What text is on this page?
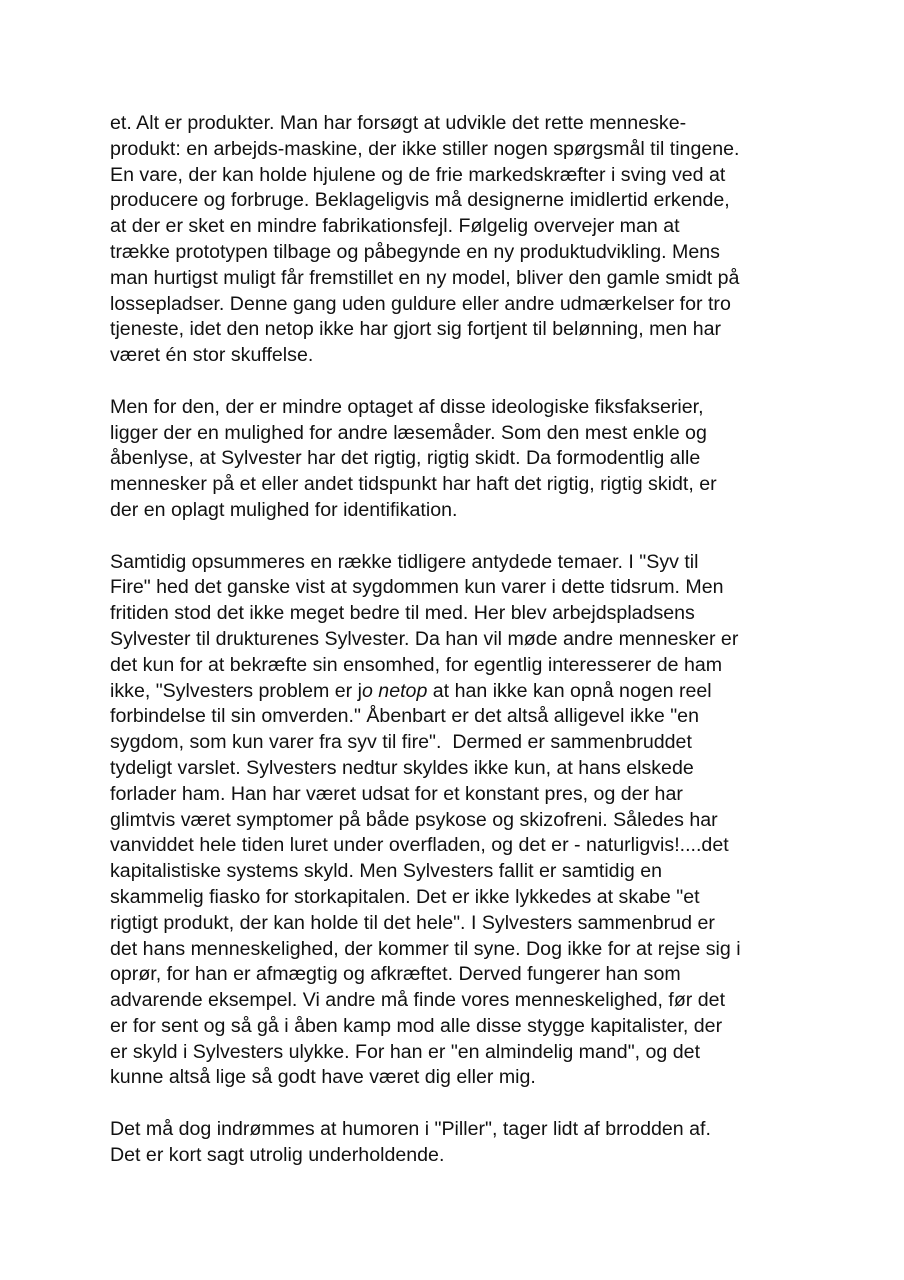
et. Alt er produkter. Man har forsøgt at udvikle det rette menneske-
produkt: en arbejds-maskine, der ikke stiller nogen spørgsmål til tingene.
En vare, der kan holde hjulene og de frie markedskræfter i sving ved at
producere og forbruge. Beklageligvis må designerne imidlertid erkende,
at der er sket en mindre fabrikationsfejl. Følgelig overvejer man at
trække prototypen tilbage og påbegynde en ny produktudvikling. Mens
man hurtigst muligt får fremstillet en ny model, bliver den gamle smidt på
lossepladser. Denne gang uden guldure eller andre udmærkelser for tro
tjeneste, idet den netop ikke har gjort sig fortjent til belønning, men har
været én stor skuffelse.

Men for den, der er mindre optaget af disse ideologiske fiksfakserier,
ligger der en mulighed for andre læsemåder. Som den mest enkle og
åbenlyse, at Sylvester har det rigtig, rigtig skidt. Da formodentlig alle
mennesker på et eller andet tidspunkt har haft det rigtig, rigtig skidt, er
der en oplagt mulighed for identifikation.

Samtidig opsummeres en række tidligere antydede temaer. I "Syv til
Fire" hed det ganske vist at sygdommen kun varer i dette tidsrum. Men
fritiden stod det ikke meget bedre til med. Her blev arbejdspladsens
Sylvester til drukturenes Sylvester. Da han vil møde andre mennesker er
det kun for at bekræfte sin ensomhed, for egentlig interesserer de ham
ikke, "Sylvesters problem er jo netop at han ikke kan opnå nogen reel
forbindelse til sin omverden." Åbenbart er det altså alligevel ikke "en
sygdom, som kun varer fra syv til fire".  Dermed er sammenbruddet
tydeligt varslet. Sylvesters nedtur skyldes ikke kun, at hans elskede
forlader ham. Han har været udsat for et konstant pres, og der har
glimtvis været symptomer på både psykose og skizofreni. Således har
vanviddet hele tiden luret under overfladen, og det er - naturligvis!....det
kapitalistiske systems skyld. Men Sylvesters fallit er samtidig en
skammelig fiasko for storkapitalen. Det er ikke lykkedes at skabe "et
rigtigt produkt, der kan holde til det hele". I Sylvesters sammenbrud er
det hans menneskelighed, der kommer til syne. Dog ikke for at rejse sig i
oprør, for han er afmægtig og afkræftet. Derved fungerer han som
advarende eksempel. Vi andre må finde vores menneskelighed, før det
er for sent og så gå i åben kamp mod alle disse stygge kapitalister, der
er skyld i Sylvesters ulykke. For han er "en almindelig mand", og det
kunne altså lige så godt have været dig eller mig.

Det må dog indrømmes at humoren i "Piller", tager lidt af brrodden af.
Det er kort sagt utrolig underholdende.
